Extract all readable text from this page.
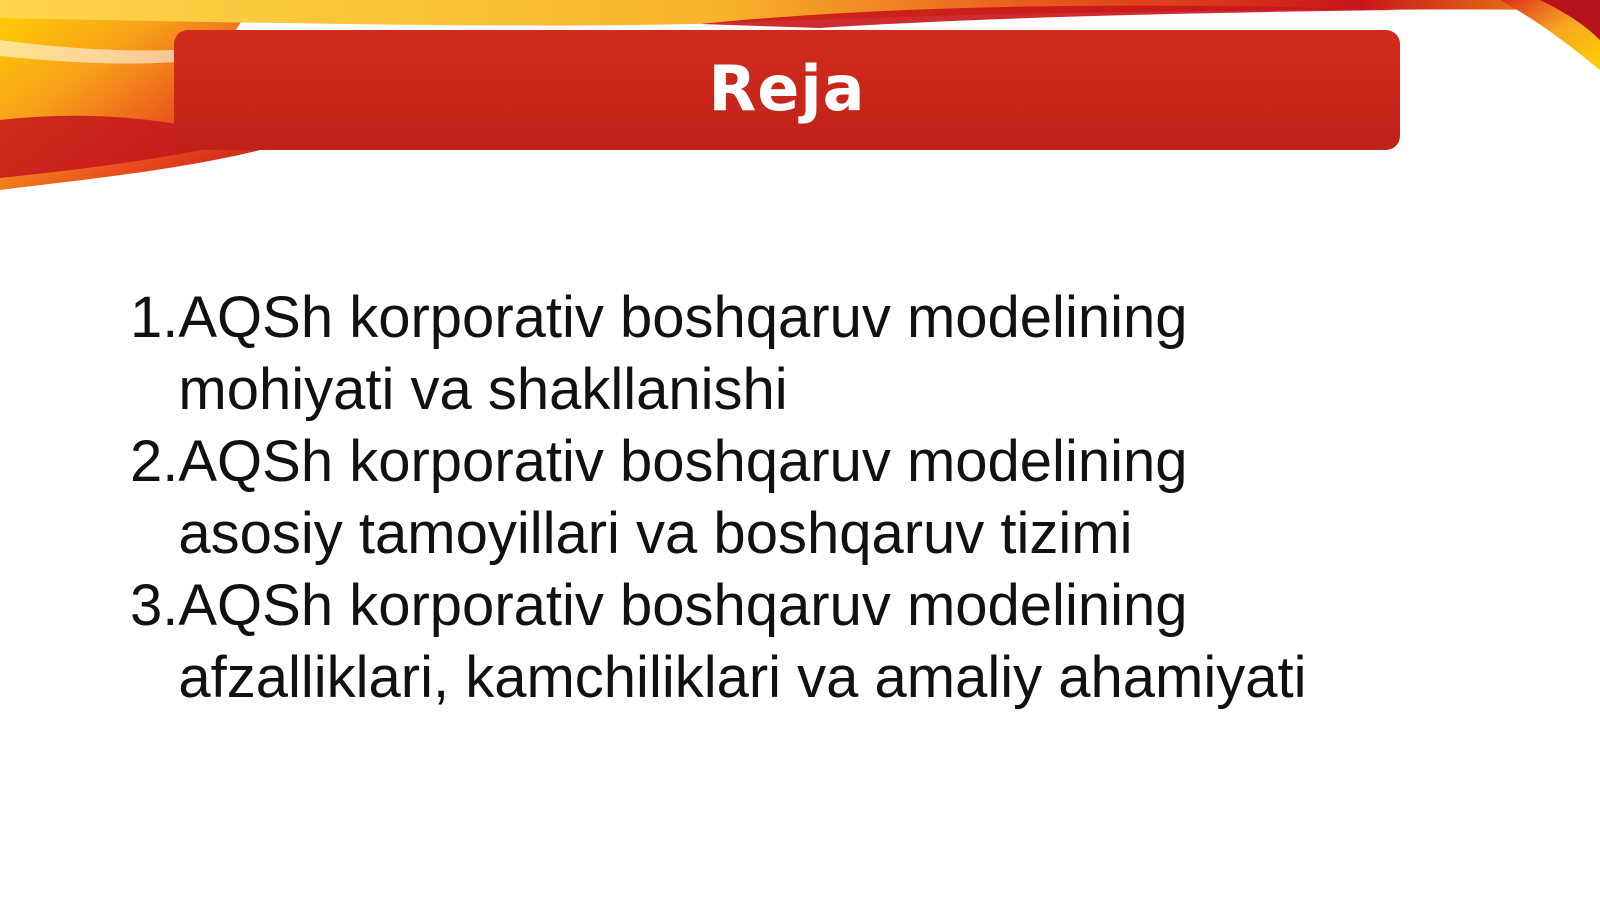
Reja
1. AQSh korporativ boshqaruv modelining mohiyati va shakllanishi
2. AQSh korporativ boshqaruv modelining asosiy tamoyillari va boshqaruv tizimi
3. AQSh korporativ boshqaruv modelining afzalliklari, kamchiliklari va amaliy ahamiyati
